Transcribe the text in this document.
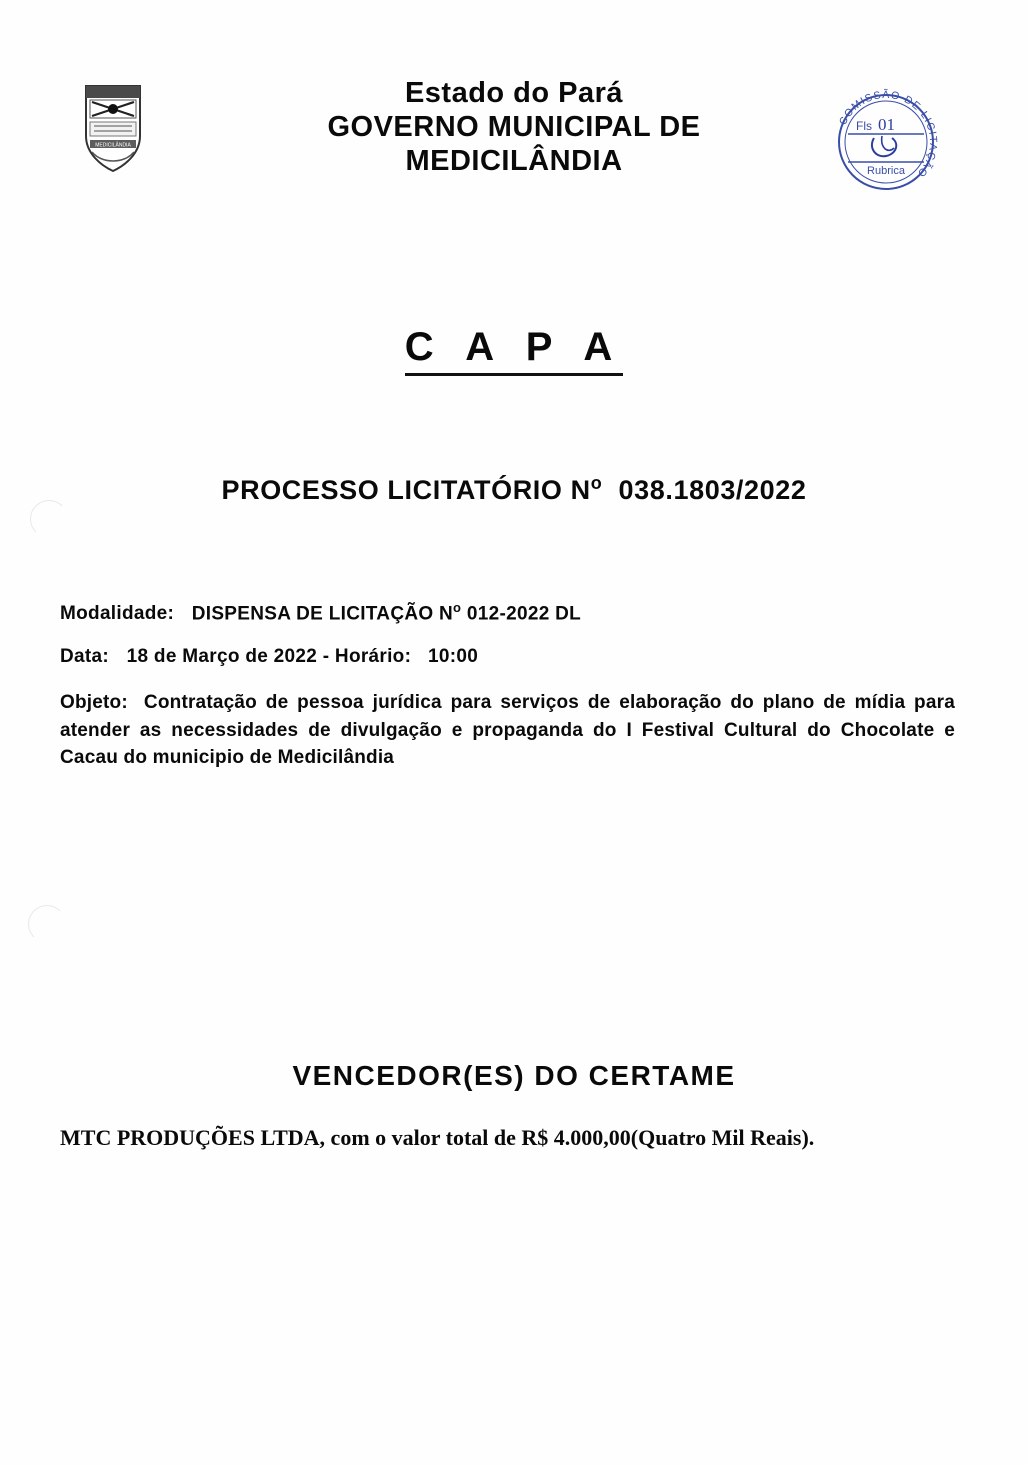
MEDICILÂNDIA
Estado do Pará
GOVERNO MUNICIPAL DE
MEDICILÂNDIA
COMISSÃO DE LICITAÇÃO
Fls 01
Rubrica
C A P A
PROCESSO LICITATÓRIO $N^o$ 038.1803/2022
Modalidade: DISPENSA DE LICITAÇÃO $N^o$ 012-2022 DL
Data: 18 de Março de 2022 - Horário: 10:00
Objeto: Contratação de pessoa jurídica para serviços de elaboração do plano de mídia para atender as necessidades de divulgação e propaganda do I Festival Cultural do Chocolate e Cacau do municipio de Medicilândia
VENCEDOR(ES) DO CERTAME
MTC PRODUÇÕES LTDA, com o valor total de R$ 4.000,00(Quatro Mil Reais).
